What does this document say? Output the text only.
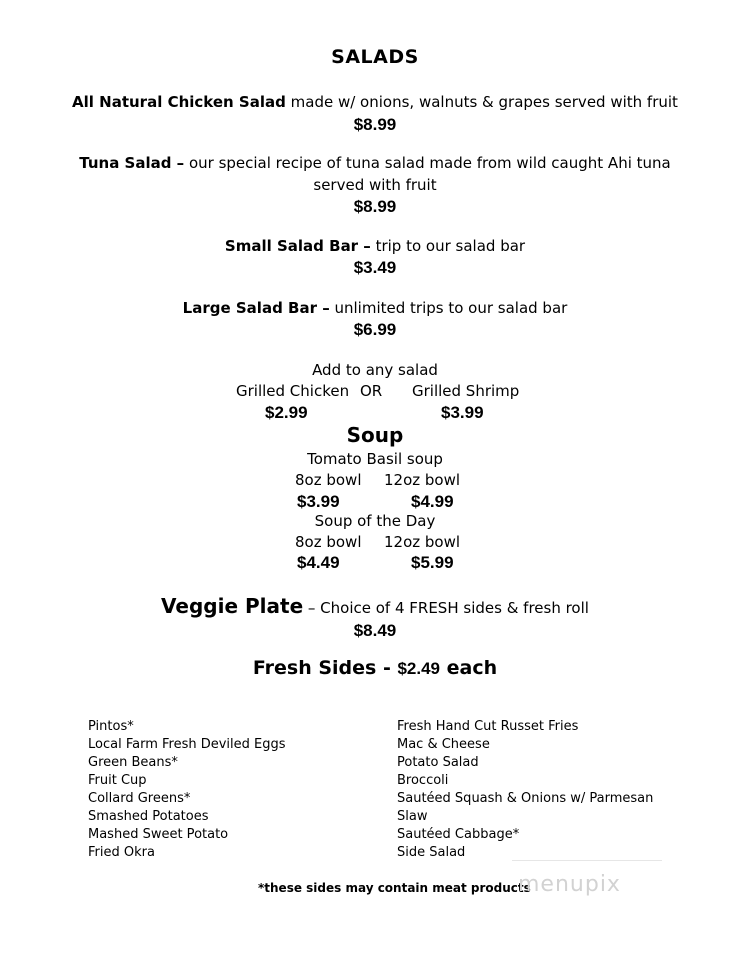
SALADS
All Natural Chicken Salad made w/ onions, walnuts & grapes served with fruit
$8.99
Tuna Salad – our special recipe of tuna salad made from wild caught Ahi tuna
served with fruit
$8.99
Small Salad Bar – trip to our salad bar
$3.49
Large Salad Bar – unlimited trips to our salad bar
$6.99
Add to any salad
Grilled Chicken OR Grilled Shrimp
$2.99	$3.99
Soup
Tomato Basil soup
8oz bowl 12oz bowl
$3.99	$4.99
Soup of the Day
8oz bowl 12oz bowl
$4.49	$5.99
Veggie Plate – Choice of 4 FRESH sides & fresh roll
$8.49
Fresh Sides - $2.49 each
Pintos*
Local Farm Fresh Deviled Eggs
Green Beans*
Fruit Cup
Collard Greens*
Smashed Potatoes
Mashed Sweet Potato
Fried Okra
Fresh Hand Cut Russet Fries
Mac & Cheese
Potato Salad
Broccoli
Sautéed Squash & Onions w/ Parmesan
Slaw
Sautéed Cabbage*
Side Salad
*these sides may contain meat products
menupix
